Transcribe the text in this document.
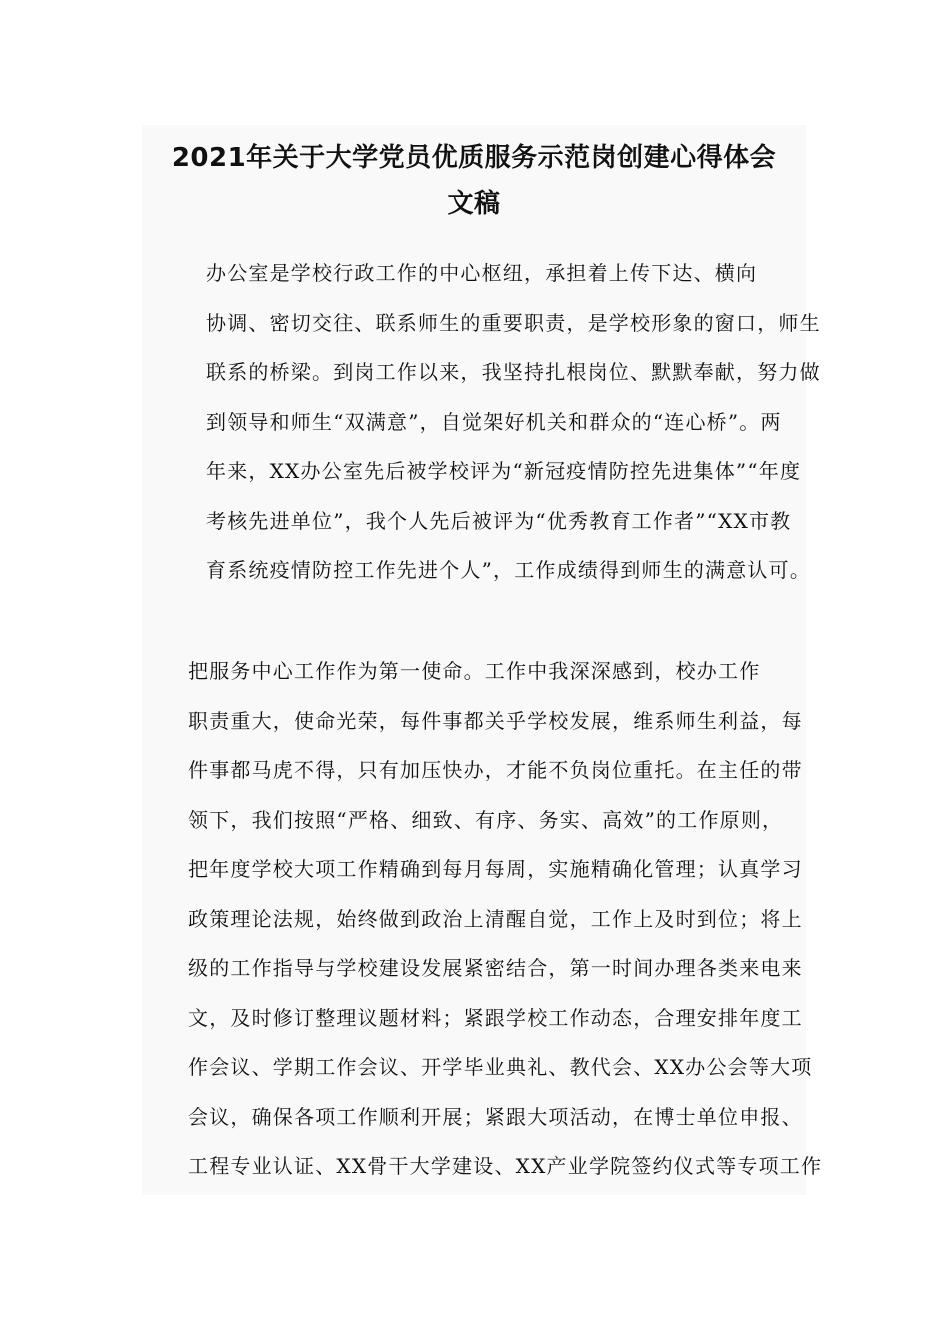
2021年关于大学党员优质服务示范岗创建心得体会
文稿

办公室是学校行政工作的中心枢纽，承担着上传下达、横向
协调、密切交往、联系师生的重要职责，是学校形象的窗口，师生
联系的桥梁。到岗工作以来，我坚持扎根岗位、默默奉献，努力做
到领导和师生“双满意”，自觉架好机关和群众的“连心桥”。两
年来，XX办公室先后被学校评为“新冠疫情防控先进集体”“年度
考核先进单位”，我个人先后被评为“优秀教育工作者”“XX市教
育系统疫情防控工作先进个人”，工作成绩得到师生的满意认可。

把服务中心工作作为第一使命。工作中我深深感到，校办工作
职责重大，使命光荣，每件事都关乎学校发展，维系师生利益，每
件事都马虎不得，只有加压快办，才能不负岗位重托。在主任的带
领下，我们按照“严格、细致、有序、务实、高效”的工作原则，
把年度学校大项工作精确到每月每周，实施精确化管理；认真学习
政策理论法规，始终做到政治上清醒自觉，工作上及时到位；将上
级的工作指导与学校建设发展紧密结合，第一时间办理各类来电来
文，及时修订整理议题材料；紧跟学校工作动态，合理安排年度工
作会议、学期工作会议、开学毕业典礼、教代会、XX办公会等大项
会议，确保各项工作顺利开展；紧跟大项活动，在博士单位申报、
工程专业认证、XX骨干大学建设、XX产业学院签约仪式等专项工作
